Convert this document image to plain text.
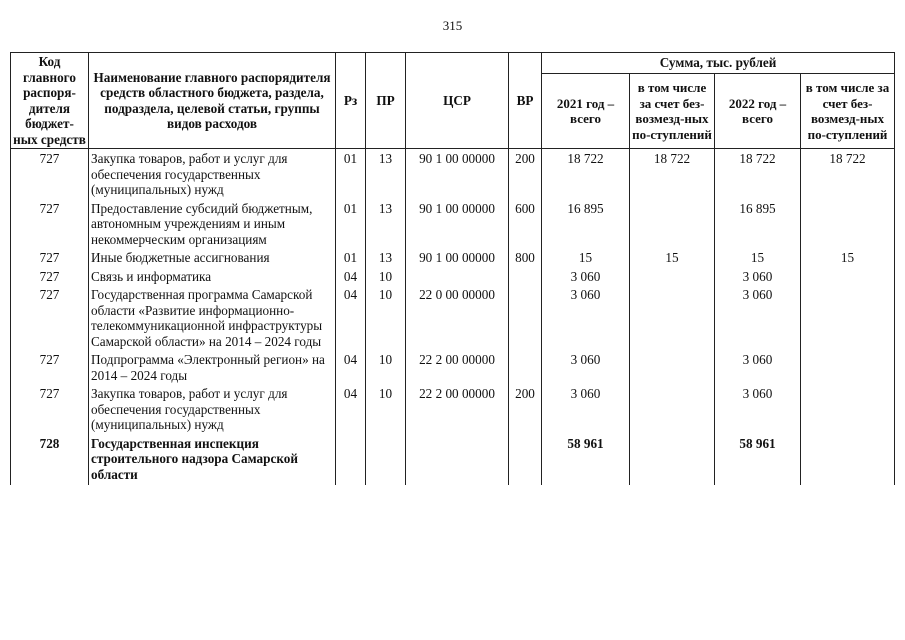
315
Код главного распоря-дителя бюджет-ных средств	Наименование главного распорядителя средств областного бюджета, раздела, подраздела, целевой статьи, группы видов расходов	Рз	ПР	ЦСР	ВР	Сумма, тыс. рублей			
						2021 год – всего	в том числе за счет без-возмезд-ных по-ступлений	2022 год – всего	в том числе за счет без-возмезд-ных по-ступлений
727	Закупка товаров, работ и услуг для обеспечения государственных (муниципальных) нужд	01	13	90 1 00 00000	200	18 722	18 722	18 722	18 722
727	Предоставление субсидий бюджетным, автономным учреждениям и иным некоммерческим организациям	01	13	90 1 00 00000	600	16 895		16 895	
727	Иные бюджетные ассигнования	01	13	90 1 00 00000	800	15	15	15	15
727	Связь и информатика	04	10			3 060		3 060	
727	Государственная программа Самарской области «Развитие информационно-телекоммуникационной инфраструктуры Самарской области» на 2014 – 2024 годы	04	10	22 0 00 00000		3 060		3 060	
727	Подпрограмма «Электронный регион» на 2014 – 2024 годы	04	10	22 2 00 00000		3 060		3 060	
727	Закупка товаров, работ и услуг для обеспечения государственных (муниципальных) нужд	04	10	22 2 00 00000	200	3 060		3 060	
728	Государственная инспекция строительного надзора Самарской области					58 961		58 961	
